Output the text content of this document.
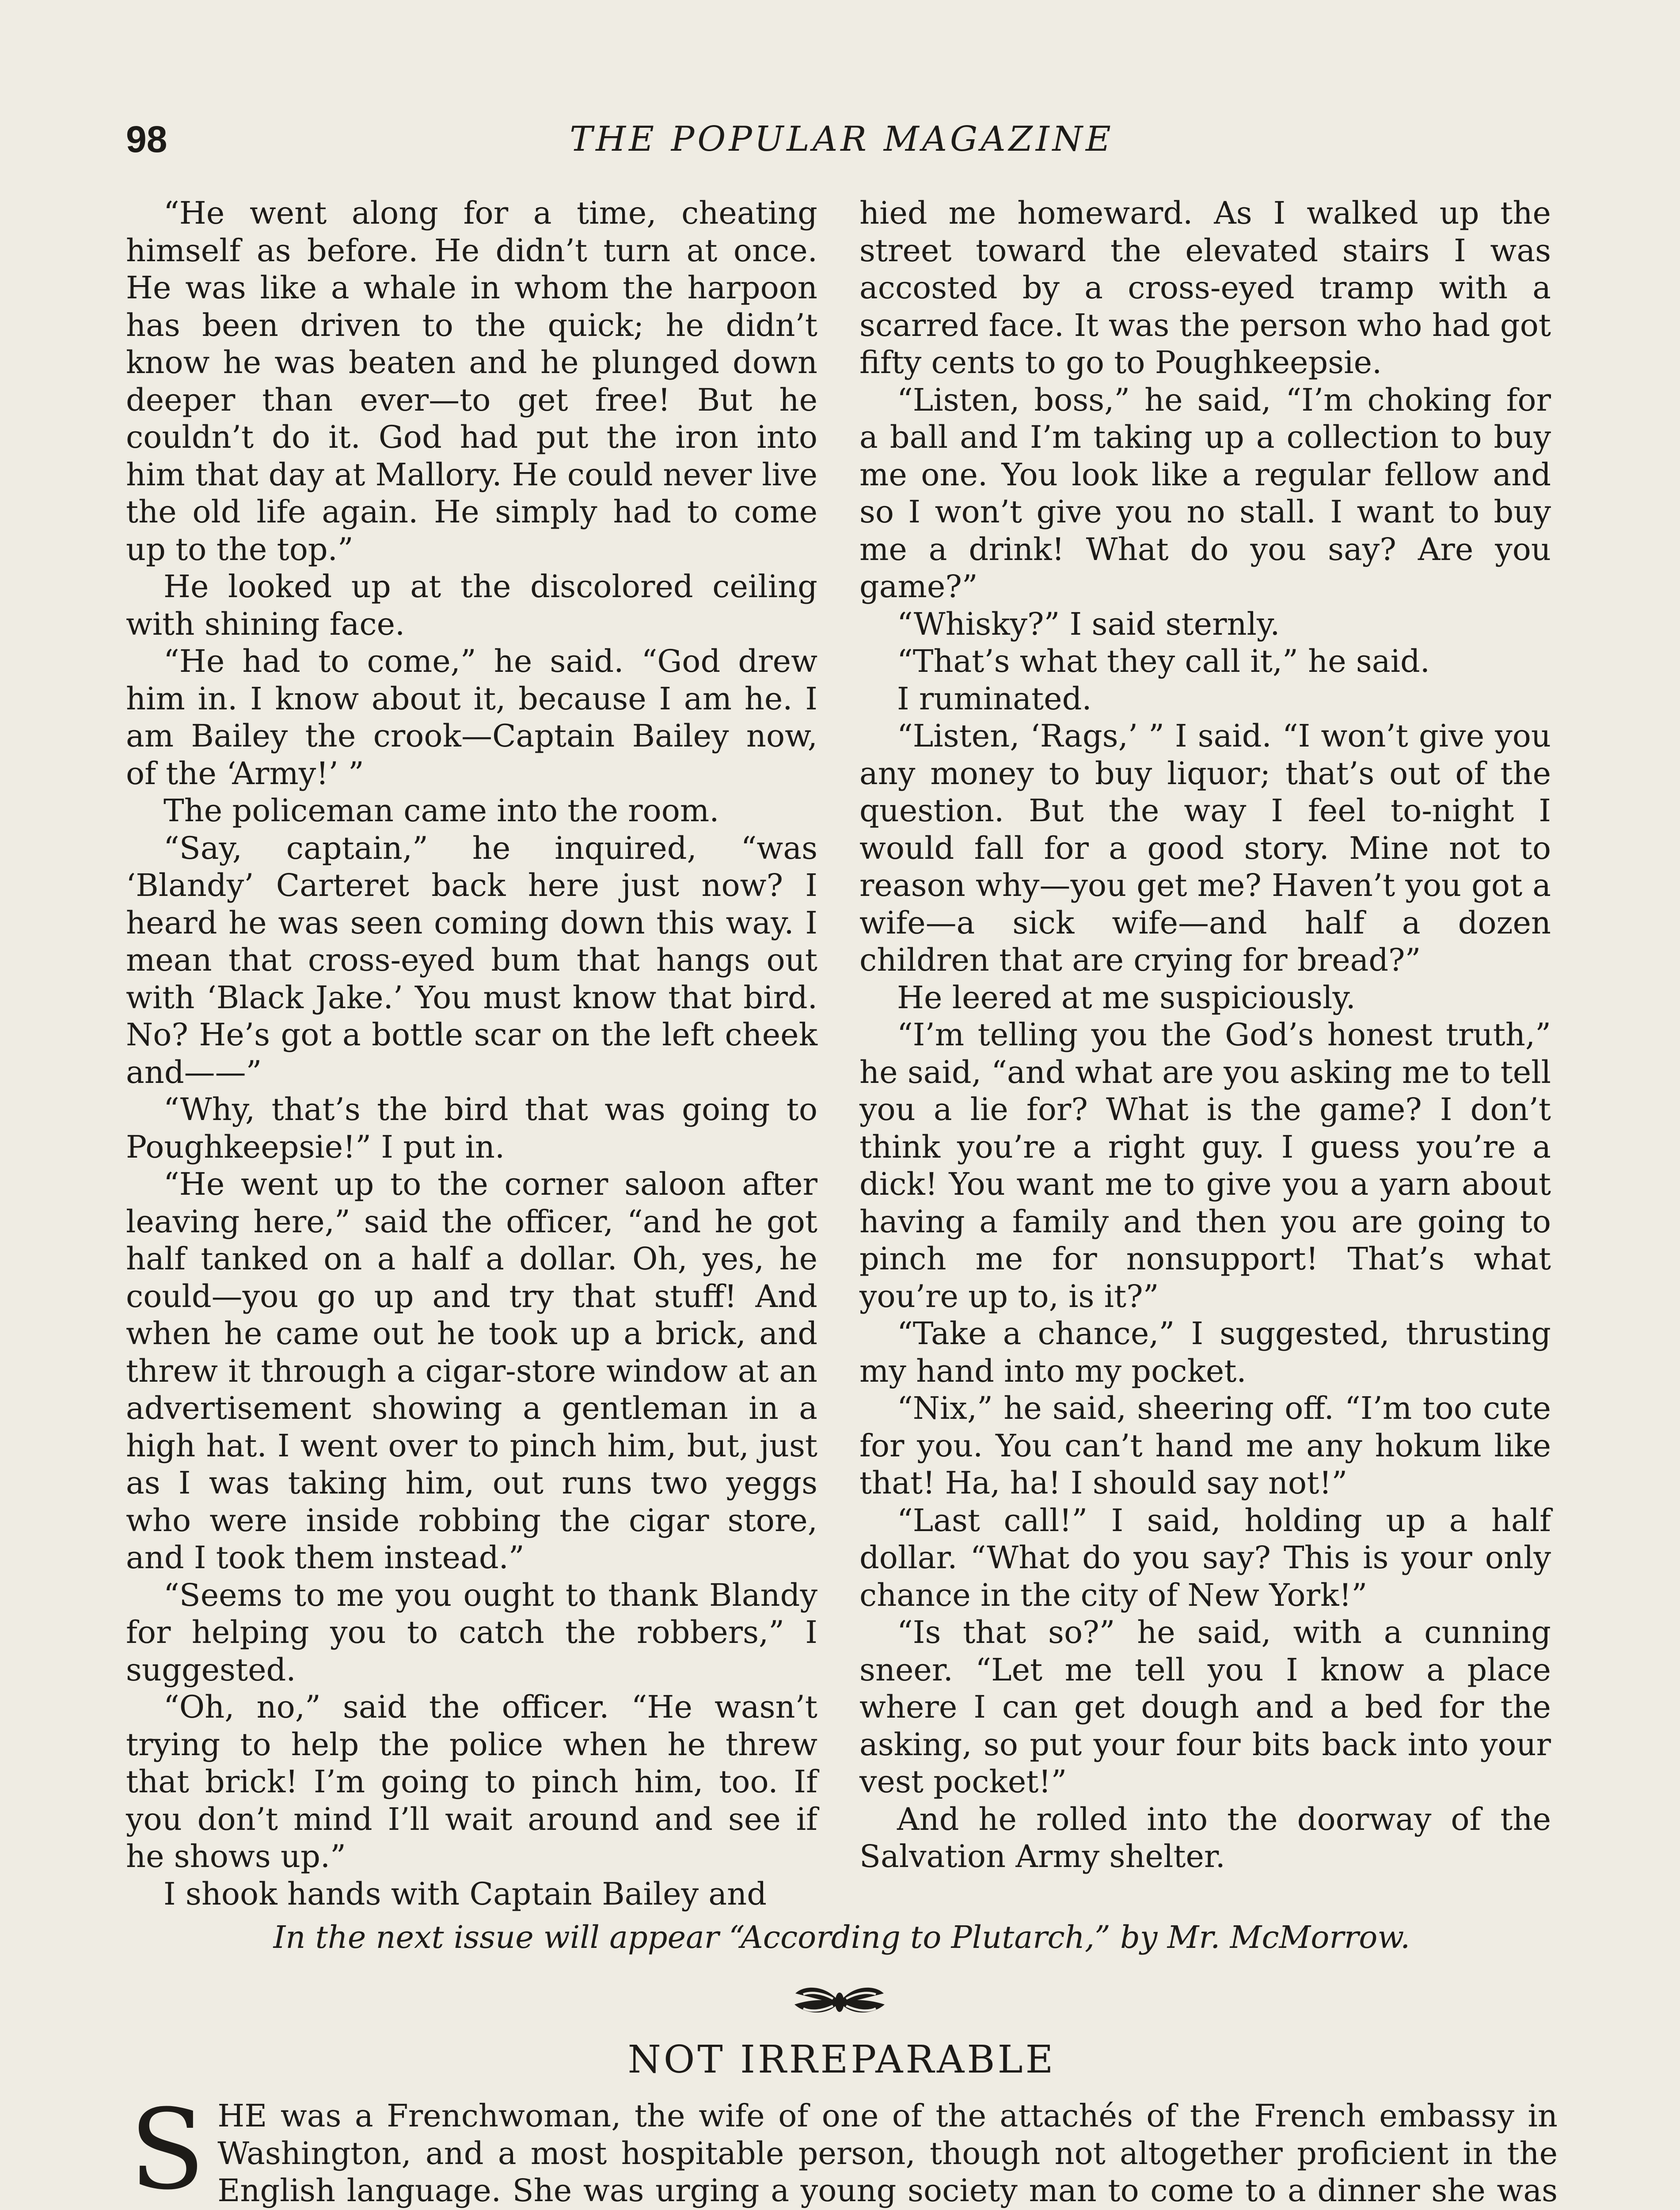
98	THE POPULAR MAGAZINE

“He went along for a time, cheating himself as before. He didn’t turn at once. He was like a whale in whom the harpoon has been driven to the quick; he didn’t know he was beaten and he plunged down deeper than ever—to get free! But he couldn’t do it. God had put the iron into him that day at Mallory. He could never live the old life again. He simply had to come up to the top.”

He looked up at the discolored ceiling with shining face.

“He had to come,” he said. “God drew him in. I know about it, because I am he. I am Bailey the crook—Captain Bailey now, of the ‘Army!’ ”

The policeman came into the room.

“Say, captain,” he inquired, “was ‘Blandy’ Carteret back here just now? I heard he was seen coming down this way. I mean that cross-eyed bum that hangs out with ‘Black Jake.’ You must know that bird. No? He’s got a bottle scar on the left cheek and——”

“Why, that’s the bird that was going to Poughkeepsie!” I put in.

“He went up to the corner saloon after leaving here,” said the officer, “and he got half tanked on a half a dollar. Oh, yes, he could—you go up and try that stuff! And when he came out he took up a brick, and threw it through a cigar-store window at an advertisement showing a gentleman in a high hat. I went over to pinch him, but, just as I was taking him, out runs two yeggs who were inside robbing the cigar store, and I took them instead.”

“Seems to me you ought to thank Blandy for helping you to catch the robbers,” I suggested.

“Oh, no,” said the officer. “He wasn’t trying to help the police when he threw that brick! I’m going to pinch him, too. If you don’t mind I’ll wait around and see if he shows up.”

I shook hands with Captain Bailey and

hied me homeward. As I walked up the street toward the elevated stairs I was accosted by a cross-eyed tramp with a scarred face. It was the person who had got fifty cents to go to Poughkeepsie.

“Listen, boss,” he said, “I’m choking for a ball and I’m taking up a collection to buy me one. You look like a regular fellow and so I won’t give you no stall. I want to buy me a drink! What do you say? Are you game?”

“Whisky?” I said sternly.

“That’s what they call it,” he said.

I ruminated.

“Listen, ‘Rags,’ ” I said. “I won’t give you any money to buy liquor; that’s out of the question. But the way I feel to-night I would fall for a good story. Mine not to reason why—you get me? Haven’t you got a wife—a sick wife—and half a dozen children that are crying for bread?”

He leered at me suspiciously.

“I’m telling you the God’s honest truth,” he said, “and what are you asking me to tell you a lie for? What is the game? I don’t think you’re a right guy. I guess you’re a dick! You want me to give you a yarn about having a family and then you are going to pinch me for nonsupport! That’s what you’re up to, is it?”

“Take a chance,” I suggested, thrusting my hand into my pocket.

“Nix,” he said, sheering off. “I’m too cute for you. You can’t hand me any hokum like that! Ha, ha! I should say not!”

“Last call!” I said, holding up a half dollar. “What do you say? This is your only chance in the city of New York!”

“Is that so?” he said, with a cunning sneer. “Let me tell you I know a place where I can get dough and a bed for the asking, so put your four bits back into your vest pocket!”

And he rolled into the doorway of the Salvation Army shelter.

In the next issue will appear “According to Plutarch,” by Mr. McMorrow.
NOT IRREPARABLE

SHE was a Frenchwoman, the wife of one of the attachés of the French embassy in Washington, and a most hospitable person, though not altogether proficient in the English language. She was urging a young society man to come to a dinner she was
